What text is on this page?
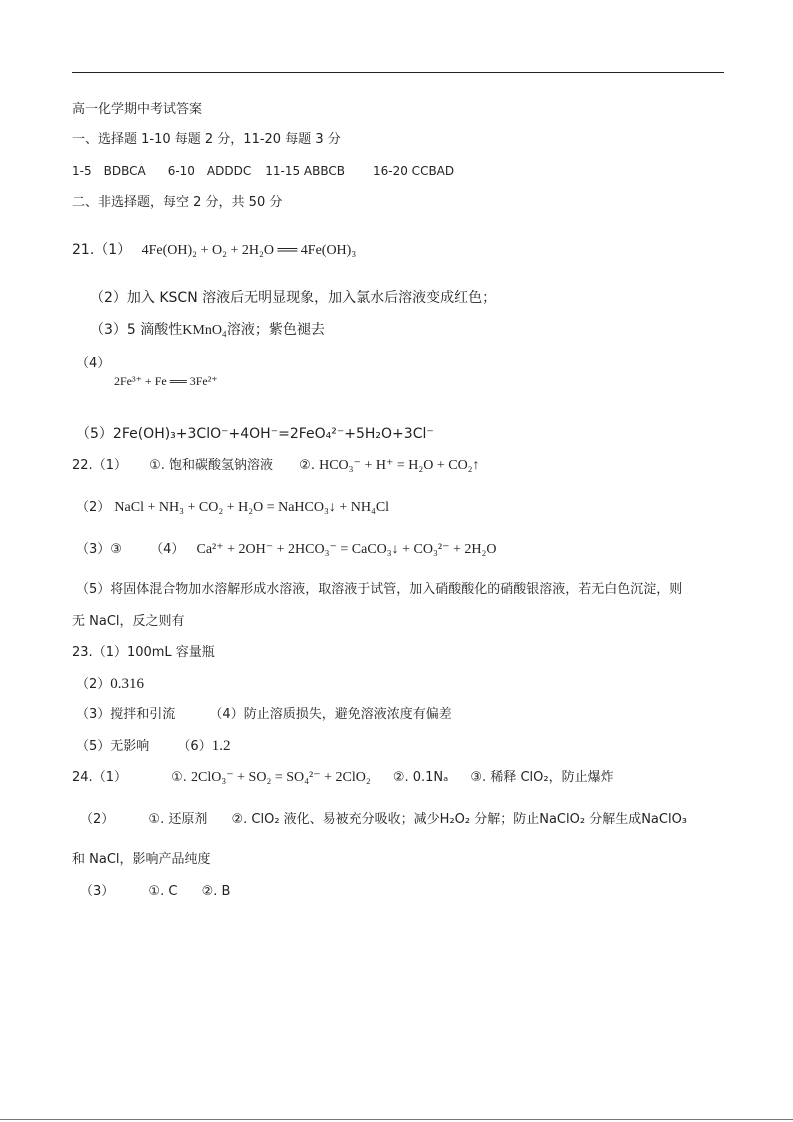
高一化学期中考试答案
一、选择题 1-10 每题 2 分，11-20 每题 3 分
1-5　BDBCA 6-10　ADDDC 11-15 ABBCB 16-20 CCBAD
二、非选择题，每空 2 分，共 50 分
21.（1） 4Fe(OH)₂ + O₂ + 2H₂O ══ 4Fe(OH)₃
（2）加入 KSCN 溶液后无明显现象，加入氯水后溶液变成红色；
（3）5 滴酸性KMnO₄溶液；紫色褪去
（4）
2Fe³⁺ + Fe ══ 3Fe²⁺
（5）2Fe(OH)₃+3ClO⁻+4OH⁻=2FeO₄²⁻+5H₂O+3Cl⁻
22.（1） ①. 饱和碳酸氢钠溶液 ②. HCO₃⁻ + H⁺ = H₂O + CO₂↑
（2） NaCl + NH₃ + CO₂ + H₂O = NaHCO₃↓ + NH₄Cl
（3）③ （4） Ca²⁺ + 2OH⁻ + 2HCO₃⁻ = CaCO₃↓ + CO₃²⁻ + 2H₂O
（5）将固体混合物加水溶解形成水溶液，取溶液于试管，加入硝酸酸化的硝酸银溶液，若无白色沉淀，则
无 NaCl，反之则有
23.（1）100mL 容量瓶
（2）0.316
（3）搅拌和引流	（4）防止溶质损失，避免溶液浓度有偏差
（5）无影响 （6）1.2
24.（1）	①. 2ClO₃⁻ + SO₂ = SO₄²⁻ + 2ClO₂ ②. 0.1Nₐ ③. 稀释 ClO₂，防止爆炸
（2）	①. 还原剂 ②. ClO₂ 液化、易被充分吸收；减少H₂O₂ 分解；防止NaClO₂ 分解生成NaClO₃
和 NaCl，影响产品纯度
（3）	①. C ②. B
